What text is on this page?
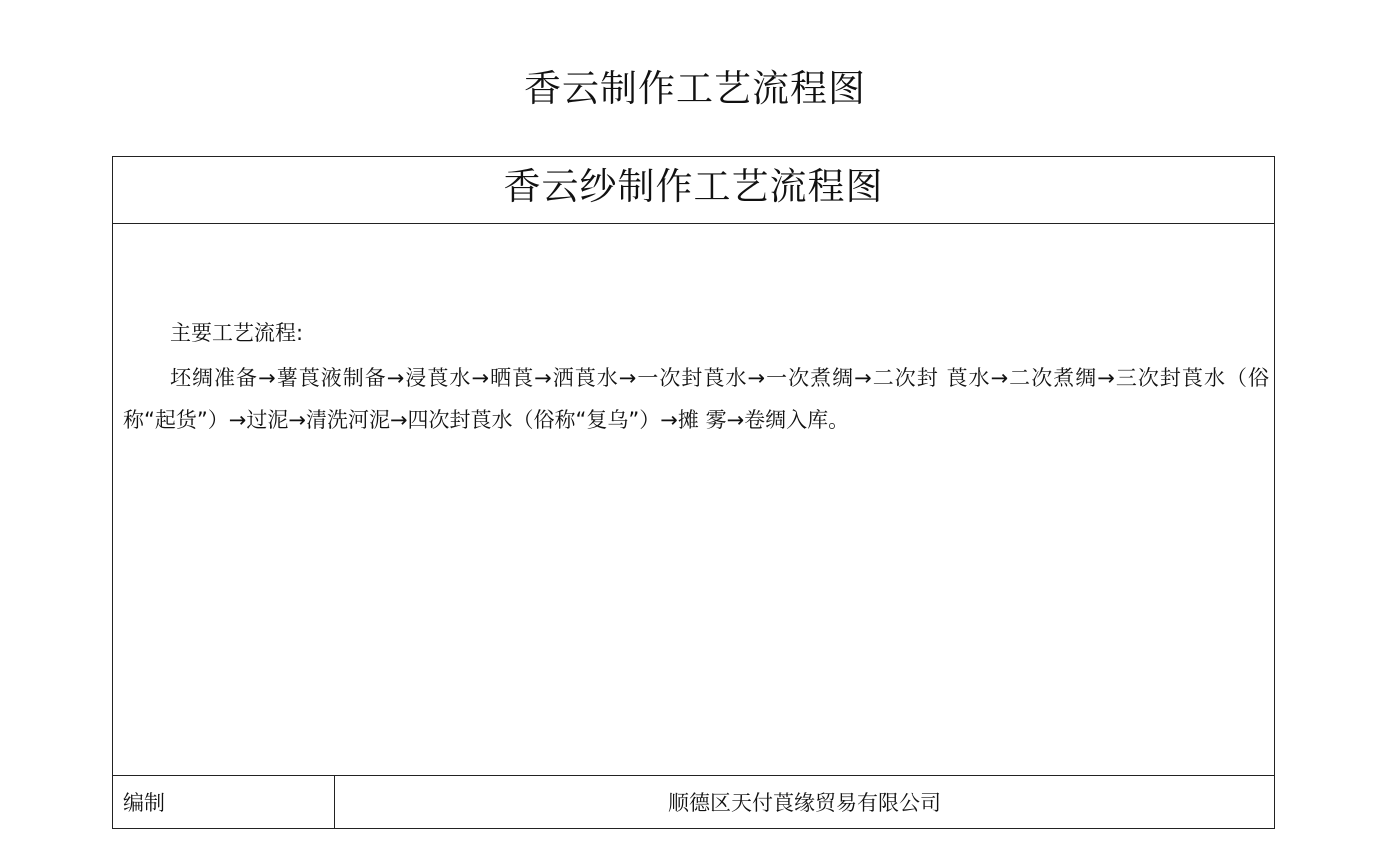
香云制作工艺流程图
香云纱制作工艺流程图
主要工艺流程:

坯绸准备→薯莨液制备→浸莨水→晒莨→洒莨水→一次封莨水→一次煮绸→二次封 莨水→二次煮绸→三次封莨水（俗称“起货”）→过泥→清洗河泥→四次封莨水（俗称“复乌”）→摊 雾→卷绸入库。

编制	顺德区天付莨缘贸易有限公司
